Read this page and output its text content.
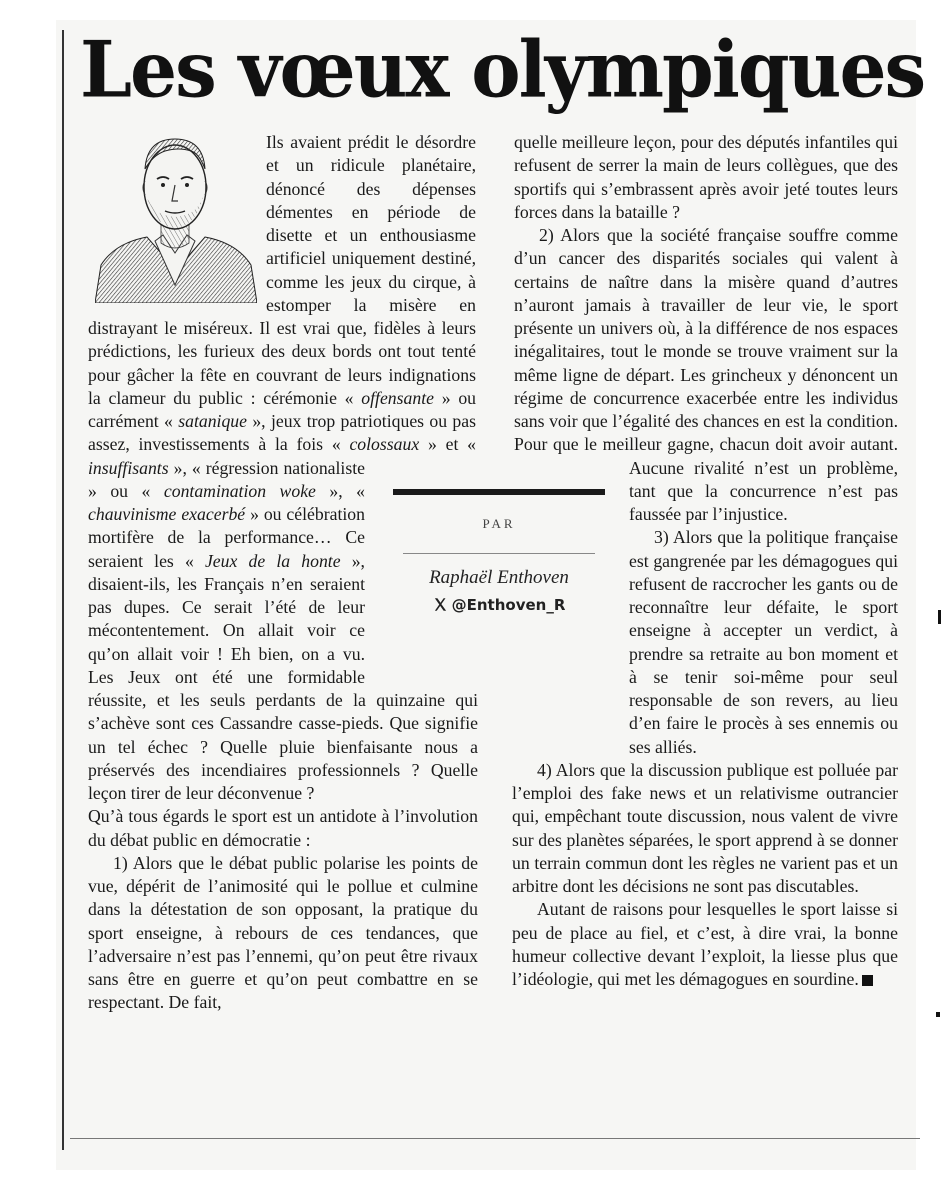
Les vœux olympiques

Ils avaient prédit le désordre et un ridicule planétaire, dénoncé des dépenses démentes en période de disette et un enthousiasme artificiel uniquement destiné, comme les jeux du cirque, à estomper la misère en distrayant le miséreux. Il est vrai que, fidèles à leurs prédictions, les furieux des deux bords ont tout tenté pour gâcher la fête en couvrant de leurs indignations la clameur du public : cérémonie « offensante » ou carrément « satanique », jeux trop patriotiques ou pas assez, investissements à la fois « colossaux » et « insuffisants », « régression nationaliste » ou « contamination woke », « chauvinisme exacerbé » ou célébration mortifère de la performance… Ce seraient les « Jeux de la honte », disaient-ils, les Français n’en seraient pas dupes. Ce serait l’été de leur mécontentement. On allait voir ce qu’on allait voir ! Eh bien, on a vu. Les Jeux ont été une formidable réussite, et les seuls perdants de la quinzaine qui s’achève sont ces Cassandre casse-pieds. Que signifie un tel échec ? Quelle pluie bienfaisante nous a préservés des incendiaires professionnels ? Quelle leçon tirer de leur déconvenue ?

Qu’à tous égards le sport est un antidote à l’involution du débat public en démocratie :

1) Alors que le débat public polarise les points de vue, dépérit de l’animosité qui le pollue et culmine dans la détestation de son opposant, la pratique du sport enseigne, à rebours de ces tendances, que l’adversaire n’est pas l’ennemi, qu’on peut être rivaux sans être en guerre et qu’on peut combattre en se respectant. De fait,

quelle meilleure leçon, pour des députés infantiles qui refusent de serrer la main de leurs collègues, que des sportifs qui s’embrassent après avoir jeté toutes leurs forces dans la bataille ?

2) Alors que la société française souffre comme d’un cancer des disparités sociales qui valent à certains de naître dans la misère quand d’autres n’auront jamais à travailler de leur vie, le sport présente un univers où, à la différence de nos espaces inégalitaires, tout le monde se trouve vraiment sur la même ligne de départ. Les grincheux y dénoncent un régime de concurrence exacerbée entre les individus sans voir que l’égalité des chances en est la condition. Pour que le meilleur gagne, chacun doit avoir autant. Aucune rivalité n’est un problème, tant que la concurrence n’est pas faussée par l’injustice.

3) Alors que la politique française est gangrenée par les démagogues qui refusent de raccrocher les gants ou de reconnaître leur défaite, le sport enseigne à accepter un verdict, à prendre sa retraite au bon moment et à se tenir soi-même pour seul responsable de son revers, au lieu d’en faire le procès à ses ennemis ou ses alliés.

4) Alors que la discussion publique est polluée par l’emploi des fake news et un relativisme outrancier qui, empêchant toute discussion, nous valent de vivre sur des planètes séparées, le sport apprend à se donner un terrain commun dont les règles ne varient pas et un arbitre dont les décisions ne sont pas discutables.

Autant de raisons pour lesquelles le sport laisse si peu de place au fiel, et c’est, à dire vrai, la bonne humeur collective devant l’exploit, la liesse plus que l’idéologie, qui met les démagogues en sourdine.

PAR
Raphaël Enthoven
@Enthoven_R
